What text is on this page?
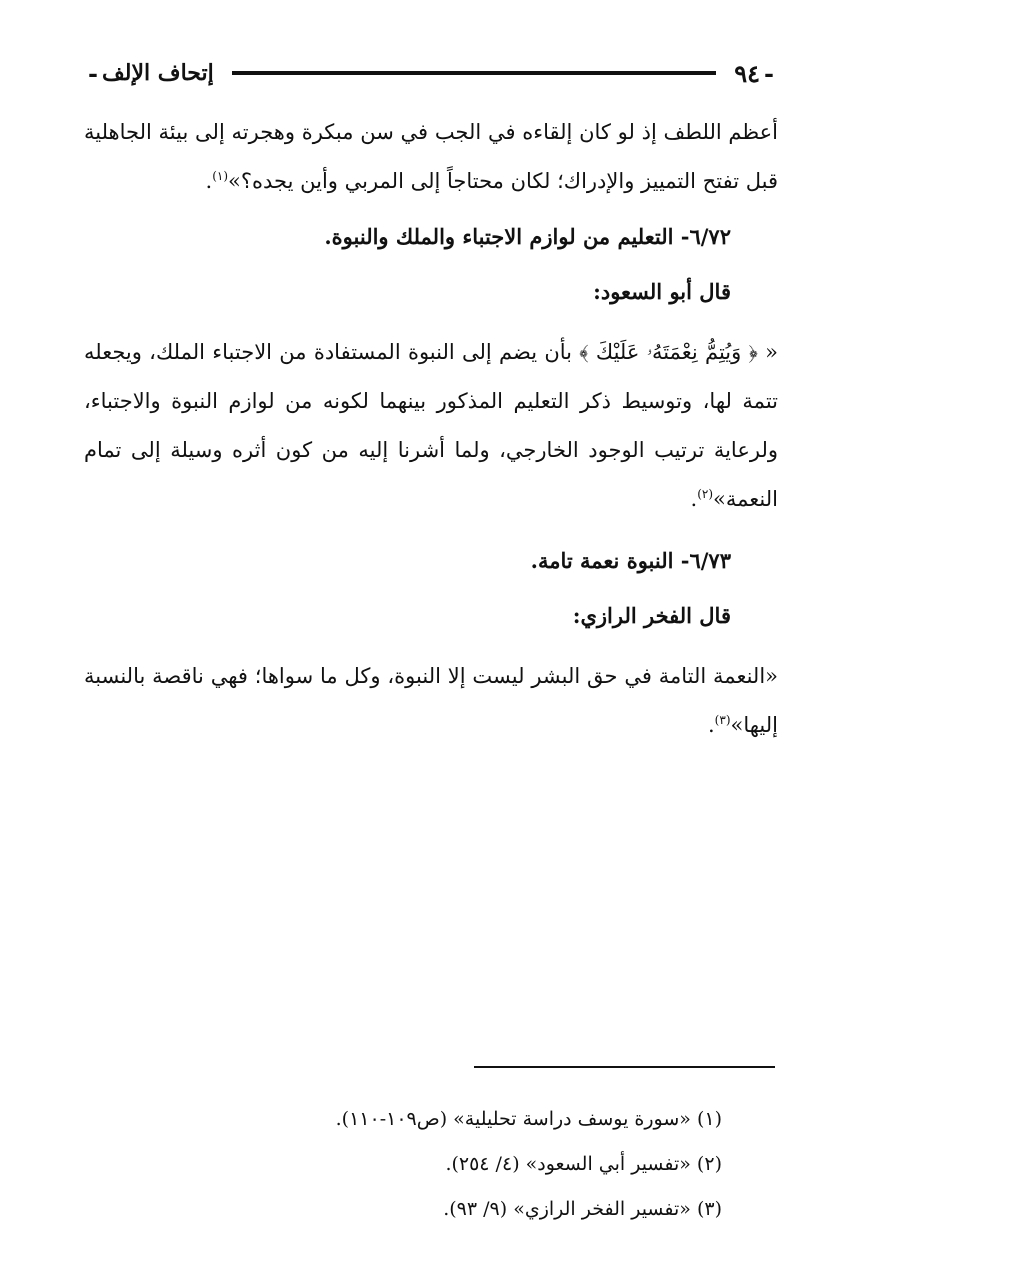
-
٩٤
إتحاف الإلف
-

أعظم اللطف إذ لو كان إلقاءه في الجب في سن مبكرة وهجرته إلى بيئة الجاهلية قبل تفتح التمييز والإدراك؛ لكان محتاجاً إلى المربي وأين يجده؟»$^{(١)}$.

٦/٧٢- التعليم من لوازم الاجتباء والملك والنبوة.

قال أبو السعود:

« ﴿ وَيُتِمُّ نِعْمَتَهُۥ عَلَيْكَ ﴾ بأن يضم إلى النبوة المستفادة من الاجتباء الملك، ويجعله تتمة لها، وتوسيط ذكر التعليم المذكور بينهما لكونه من لوازم النبوة والاجتباء، ولرعاية ترتيب الوجود الخارجي، ولما أشرنا إليه من كون أثره وسيلة إلى تمام النعمة»$^{(٢)}$.

٦/٧٣- النبوة نعمة تامة.

قال الفخر الرازي:

«النعمة التامة في حق البشر ليست إلا النبوة، وكل ما سواها؛ فهي ناقصة بالنسبة إليها»$^{(٣)}$.

(١) «سورة يوسف دراسة تحليلية» (ص١٠٩-١١٠).

(٢) «تفسير أبي السعود» (٤/ ٢٥٤).

(٣) «تفسير الفخر الرازي» (٩/ ٩٣).
